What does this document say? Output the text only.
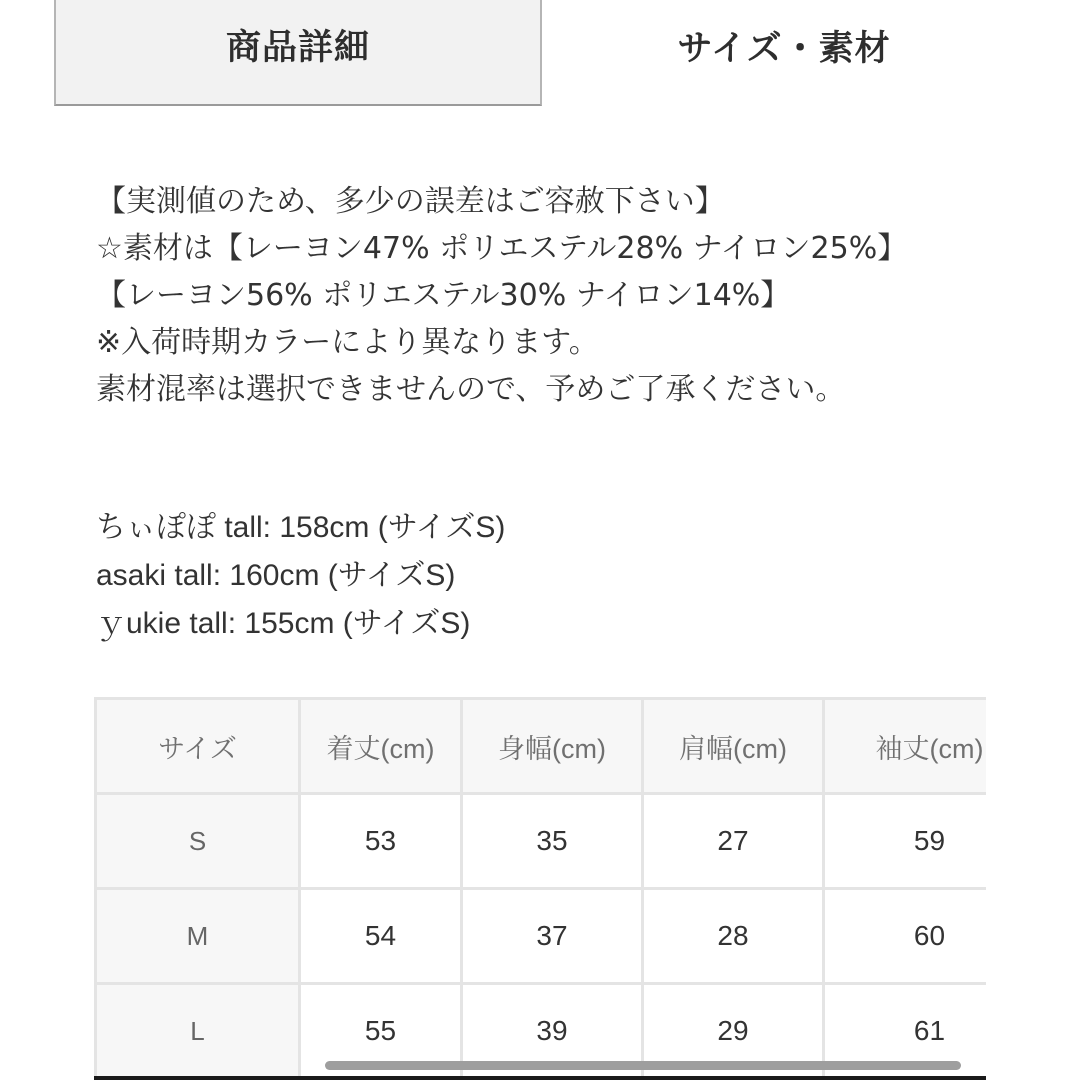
商品詳細	サイズ・素材
【実測値のため、多少の誤差はご容赦下さい】
☆素材は【レーヨン47% ポリエステル28% ナイロン25%】
【レーヨン56% ポリエステル30% ナイロン14%】
※入荷時期カラーにより異なります。
素材混率は選択できませんので、予めご了承ください。
ちぃぽぽ tall: 158cm (サイズS)
asaki tall: 160cm (サイズS)
ｙukie tall: 155cm (サイズS)
サイズ	着丈(cm)	身幅(cm)	肩幅(cm)	袖丈(cm)
S	53	35	27	59
M	54	37	28	60
L	55	39	29	61
